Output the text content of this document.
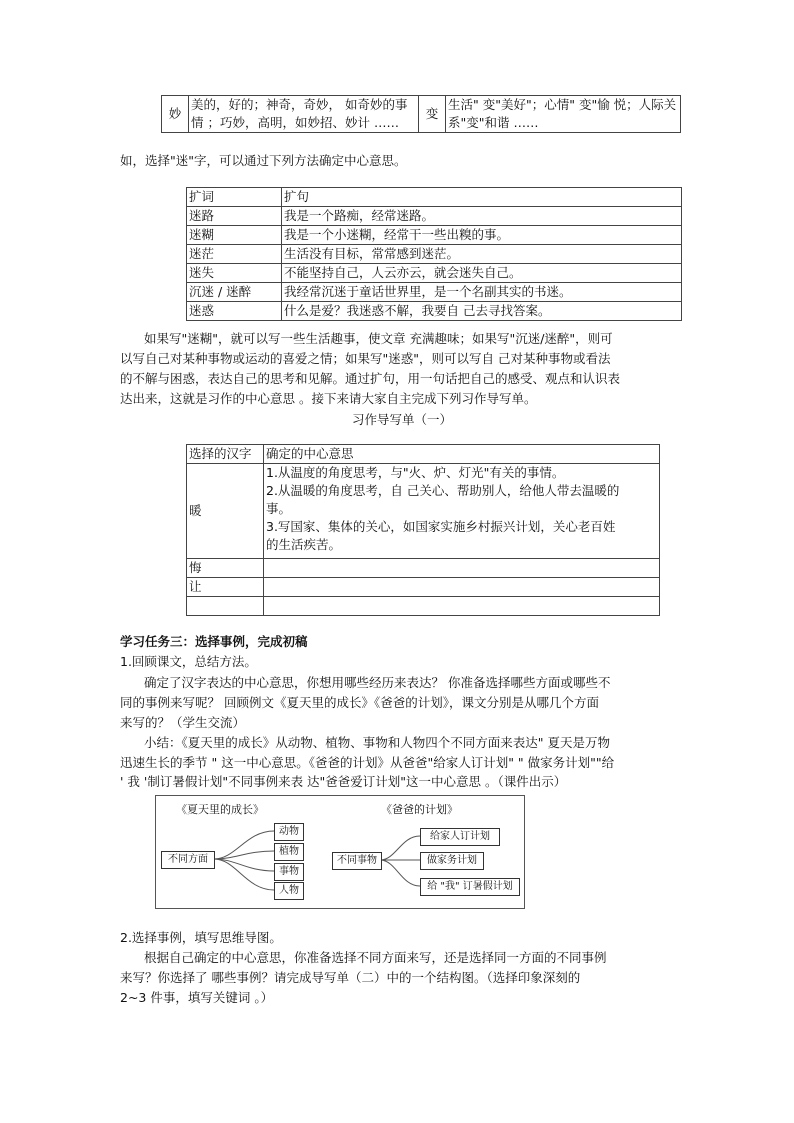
妙	美的，好的；神奇，奇妙， 如奇妙的事情 ；巧妙，高明，如妙招、妙计 ……	变	生活" 变"美好"；心情" 变"愉 悦；人际关系"变"和谐 ……
如，选择"迷"字，可以通过下列方法确定中心意思。
扩词	扩句
迷路	我是一个路痴，经常迷路。
迷糊	我是一个小迷糊，经常干一些出糗的事。
迷茫	生活没有目标，常常感到迷茫。
迷失	不能坚持自己，人云亦云，就会迷失自己。
沉迷 / 迷醉	我经常沉迷于童话世界里，是一个名副其实的书迷。
迷惑	什么是爱？我迷惑不解，我要自 己去寻找答案。
如果写"迷糊"，就可以写一些生活趣事，使文章 充满趣味；如果写"沉迷/迷醉"，则可
以写自己对某种事物或运动的喜爱之情；如果写"迷惑"，则可以写自 己对某种事物或看法
的不解与困惑，表达自己的思考和见解。通过扩句，用一句话把自己的感受、观点和认识表
达出来，这就是习作的中心意思 。接下来请大家自主完成下列习作导写单。
习作导写单（一）
选择的汉字	确定的中心意思
暖	1.从温度的角度思考，与"火、炉、灯光"有关的事情。
2.从温暖的角度思考，自 己关心、帮助别人，给他人带去温暖的
事。
3.写国家、集体的关心，如国家实施乡村振兴计划，关心老百姓
的生活疾苦。

悔	
让	

学习任务三：选择事例，完成初稿
1.回顾课文，总结方法。
确定了汉字表达的中心意思，你想用哪些经历来表达？ 你准备选择哪些方面或哪些不
同的事例来写呢？ 回顾例文《夏天里的成长》《爸爸的计划》，课文分别是从哪几个方面
来写的？（学生交流）
小结：《夏天里的成长》从动物、植物、事物和人物四个不同方面来表达" 夏天是万物
迅速生长的季节 " 这一中心意思。《爸爸的计划》从爸爸"给家人订计划" " 做家务计划""给
' 我 '制订暑假计划"不同事例来表 达"爸爸爱订计划"这一中心意思 。（课件出示）
《夏天里的成长》
不同方面
动物
植物
事物
人物
《爸爸的计划》
不同事物
给家人订计划
做家务计划
给 "我" 订暑假计划
2.选择事例，填写思维导图。
根据自己确定的中心意思，你准备选择不同方面来写，还是选择同一方面的不同事例
来写？你选择了 哪些事例？请完成导写单（二）中的一个结构图。（选择印象深刻的
2~3 件事，填写关键词 。）
